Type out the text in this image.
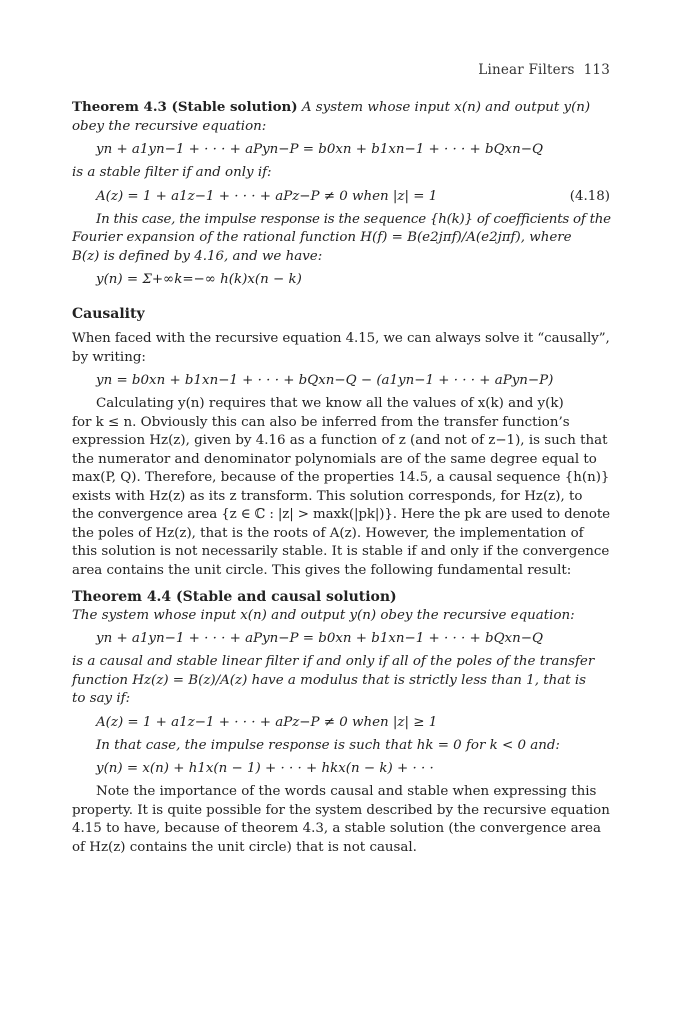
Linear Filters 113
Theorem 4.3 (Stable solution) A system whose input x(n) and output y(n)
obey the recursive equation:
yn + a1yn−1 + · · · + aPyn−P = b0xn + b1xn−1 + · · · + bQxn−Q
is a stable filter if and only if:
A(z) = 1 + a1z−1 + · · · + aPz−P ≠ 0 when |z| = 1	(4.18)
In this case, the impulse response is the sequence {h(k)} of coefficients of the
Fourier expansion of the rational function H(f) = B(e2jπf)/A(e2jπf), where
B(z) is defined by 4.16, and we have:
y(n) = Σ+∞k=−∞ h(k)x(n − k)
Causality
When faced with the recursive equation 4.15, we can always solve it “causally”,
by writing:
yn = b0xn + b1xn−1 + · · · + bQxn−Q − (a1yn−1 + · · · + aPyn−P)
Calculating y(n) requires that we know all the values of x(k) and y(k)
for k ≤ n. Obviously this can also be inferred from the transfer function’s
expression Hz(z), given by 4.16 as a function of z (and not of z−1), is such that
the numerator and denominator polynomials are of the same degree equal to
max(P, Q). Therefore, because of the properties 14.5, a causal sequence {h(n)}
exists with Hz(z) as its z transform. This solution corresponds, for Hz(z), to
the convergence area {z ∈ ℂ : |z| > maxk(|pk|)}. Here the pk are used to denote
the poles of Hz(z), that is the roots of A(z). However, the implementation of
this solution is not necessarily stable. It is stable if and only if the convergence
area contains the unit circle. This gives the following fundamental result:
Theorem 4.4 (Stable and causal solution)
The system whose input x(n) and output y(n) obey the recursive equation:
yn + a1yn−1 + · · · + aPyn−P = b0xn + b1xn−1 + · · · + bQxn−Q
is a causal and stable linear filter if and only if all of the poles of the transfer
function Hz(z) = B(z)/A(z) have a modulus that is strictly less than 1, that is
to say if:
A(z) = 1 + a1z−1 + · · · + aPz−P ≠ 0 when |z| ≥ 1
In that case, the impulse response is such that hk = 0 for k < 0 and:
y(n) = x(n) + h1x(n − 1) + · · · + hkx(n − k) + · · ·
Note the importance of the words causal and stable when expressing this
property. It is quite possible for the system described by the recursive equation
4.15 to have, because of theorem 4.3, a stable solution (the convergence area
of Hz(z) contains the unit circle) that is not causal.
